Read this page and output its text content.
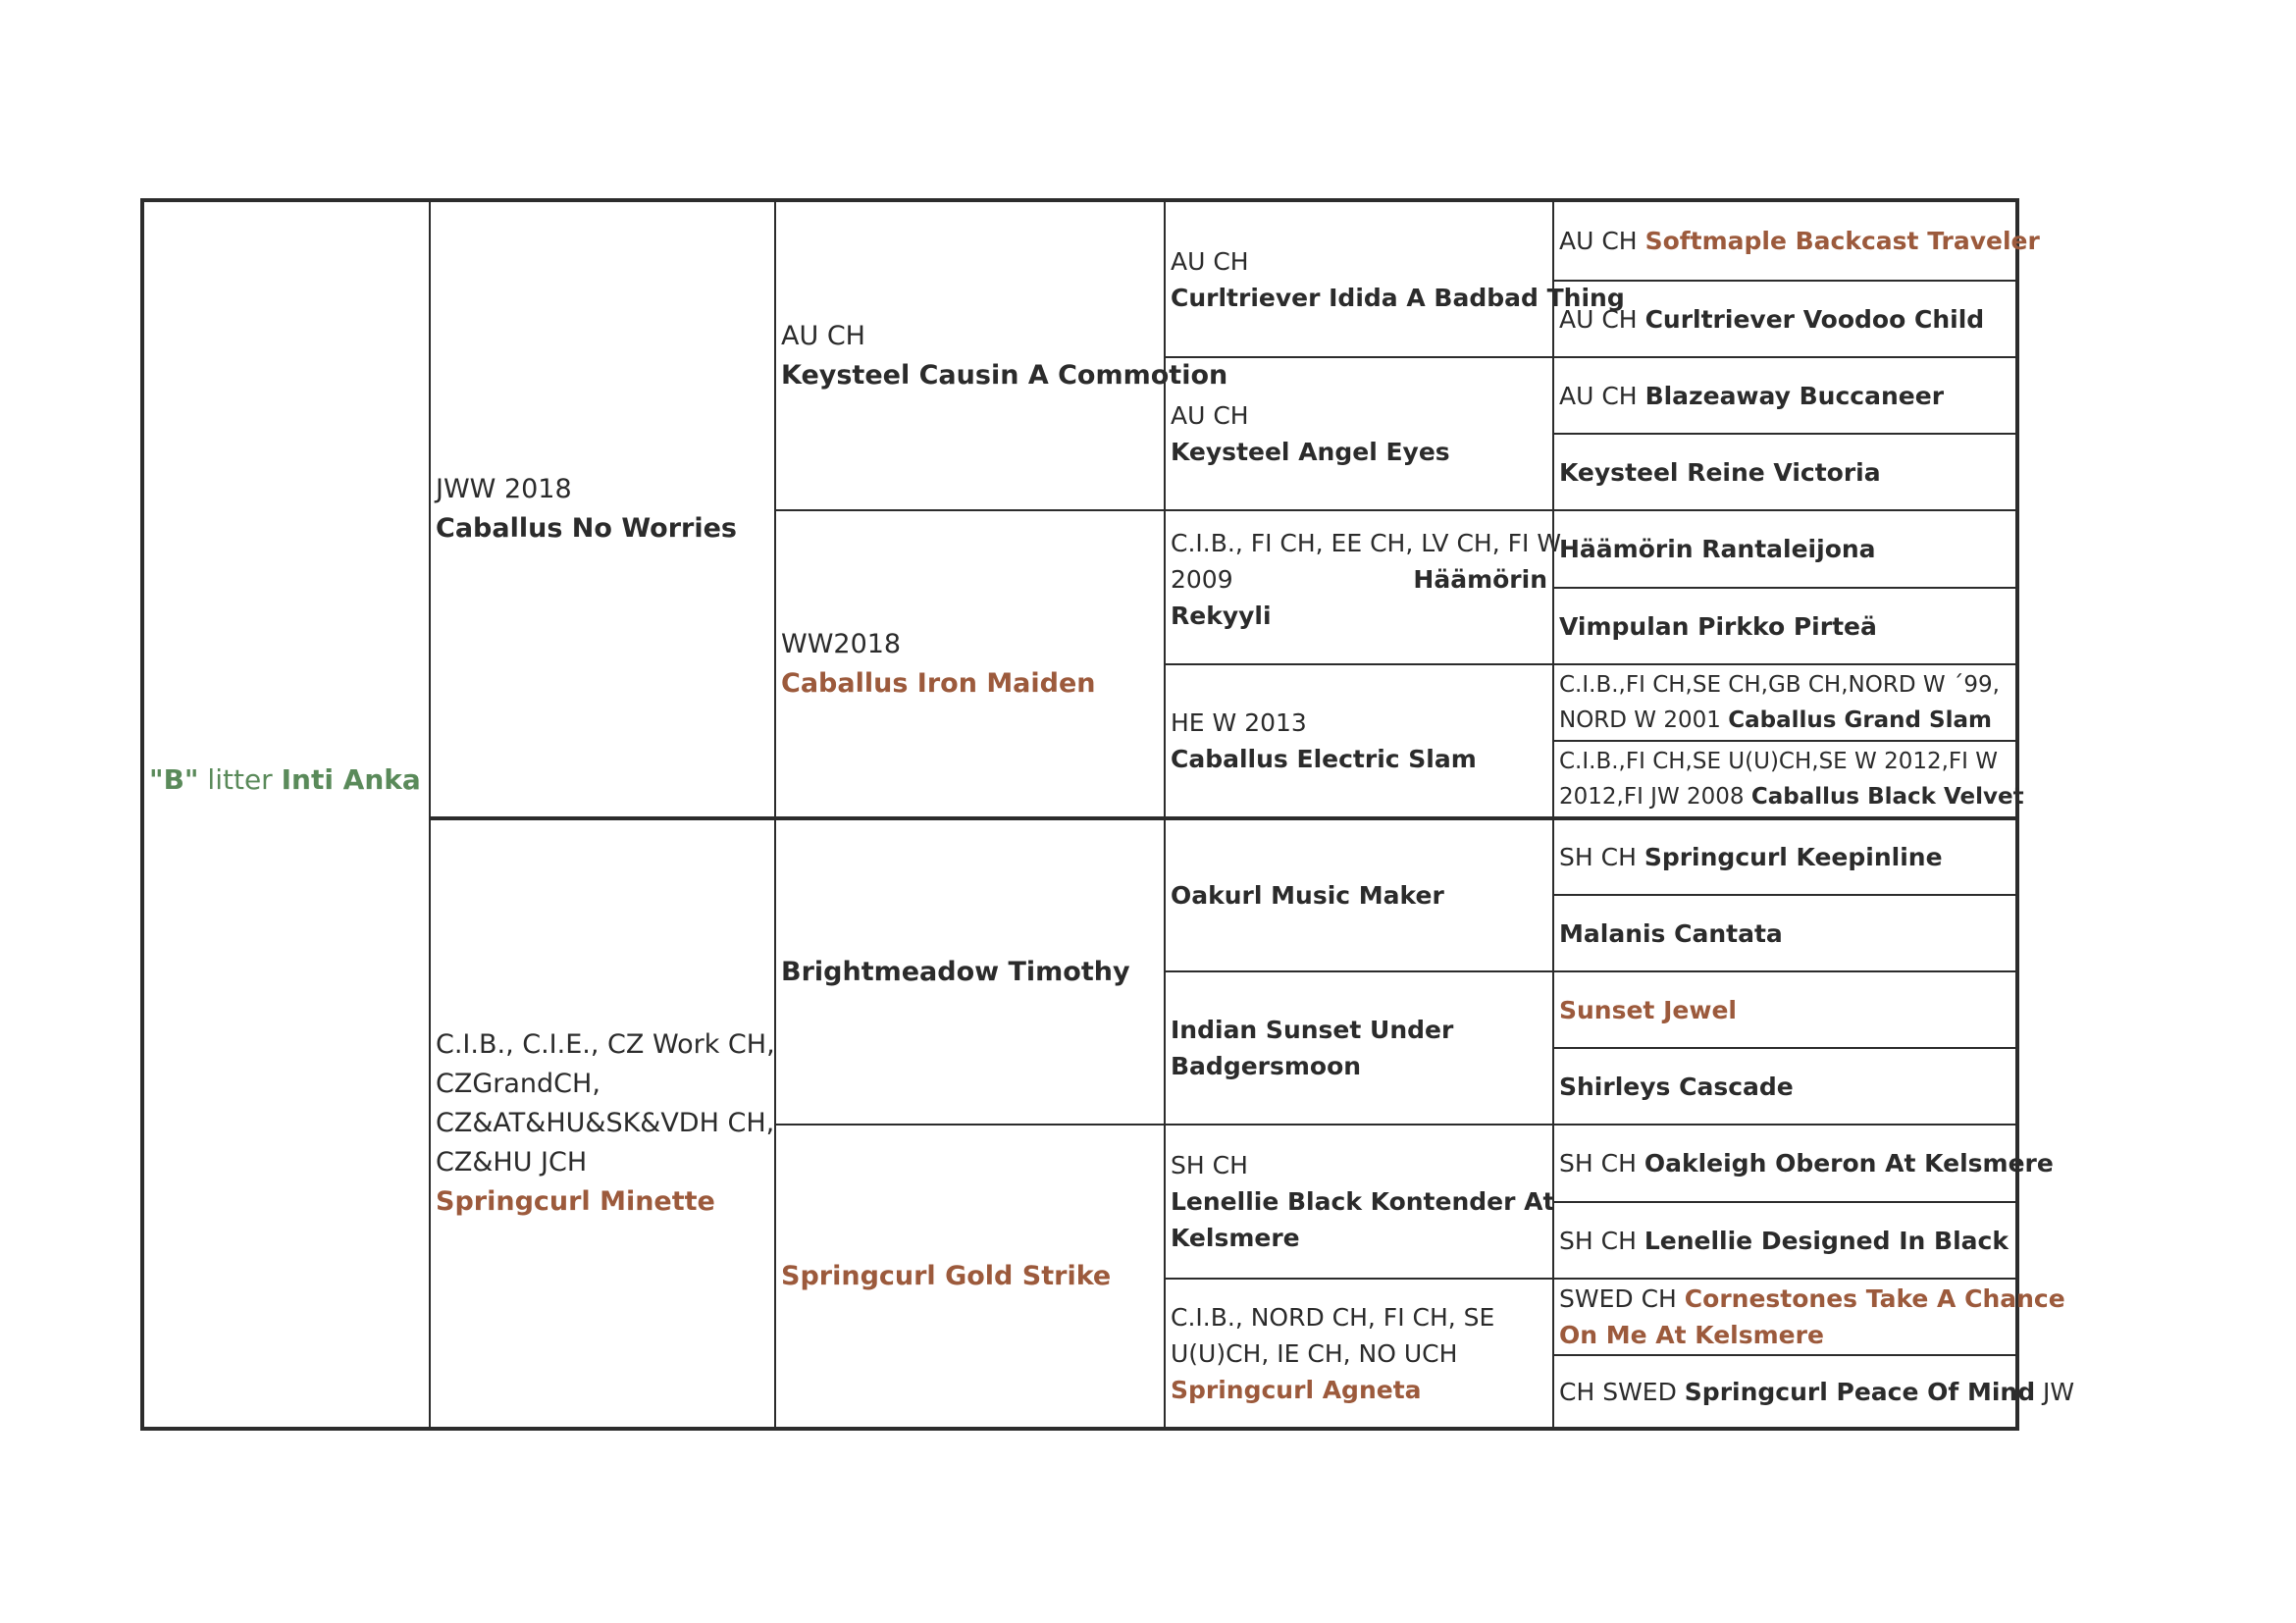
"B" litter Inti Anka
JWW 2018
Caballus No Worries
C.I.B., C.I.E., CZ Work CH,
CZGrandCH,
CZ&AT&HU&SK&VDH CH,
CZ&HU JCH
Springcurl Minette
AU CH
Keysteel Causin A Commotion
WW2018
Caballus Iron Maiden
Brightmeadow Timothy
Springcurl Gold Strike
AU CH
Curltriever Idida A Badbad Thing
AU CH
Keysteel Angel Eyes
C.I.B., FI CH, EE CH, LV CH, FI W
2009	Häämörin
Rekyyli
HE W 2013
Caballus Electric Slam
Oakurl Music Maker
Indian Sunset Under
Badgersmoon
SH CH
Lenellie Black Kontender At
Kelsmere
C.I.B., NORD CH, FI CH, SE
U(U)CH, IE CH, NO UCH
Springcurl Agneta
AU CH Softmaple Backcast Traveler
AU CH Curltriever Voodoo Child
AU CH Blazeaway Buccaneer
Keysteel Reine Victoria
Häämörin Rantaleijona
Vimpulan Pirkko Pirteä
C.I.B.,FI CH,SE CH,GB CH,NORD W ´99,
NORD W 2001 Caballus Grand Slam
C.I.B.,FI CH,SE U(U)CH,SE W 2012,FI W
2012,FI JW 2008 Caballus Black Velvet
SH CH Springcurl Keepinline
Malanis Cantata
Sunset Jewel
Shirleys Cascade
SH CH Oakleigh Oberon At Kelsmere
SH CH Lenellie Designed In Black
SWED CH Cornestones Take A Chance
On Me At Kelsmere
CH SWED Springcurl Peace Of Mind JW
